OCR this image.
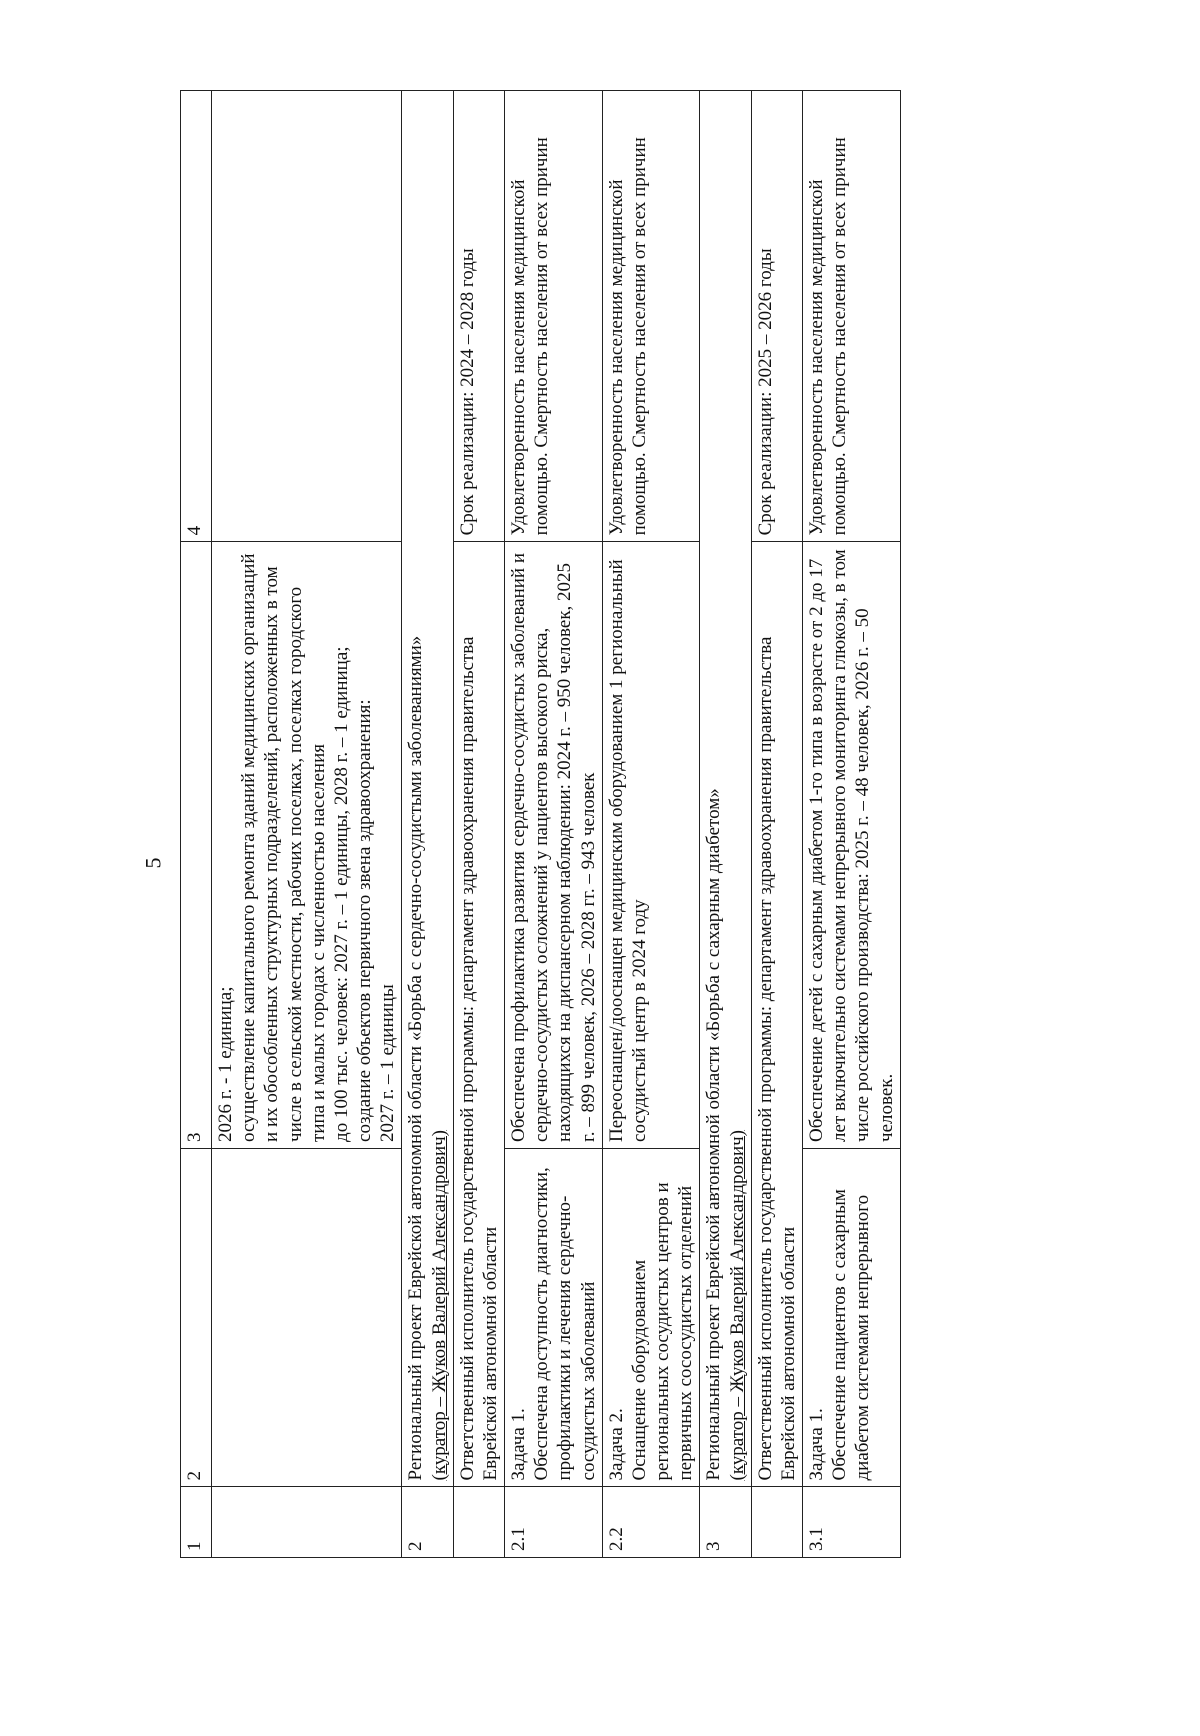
5
1	2	3	4

		2026 г. - 1 единица; осуществление капитального ремонта зданий медицинских организаций и их обособленных структурных подразделений, расположенных в том числе в сельской местности, рабочих поселках, поселках городского типа и малых городах с численностью населения до 100 тыс. человек: 2027 г. – 1 единицы, 2028 г. – 1 единица; создание объектов первичного звена здравоохранения: 2027 г. – 1 единицы	

2	Региональный проект Еврейской автономной области «Борьба с сердечно-сосудистыми заболеваниями» (куратор – Жуков Валерий Александрович)		

	Ответственный исполнитель государственной программы: департамент здравоохранения правительства Еврейской автономной области		Срок реализации: 2024 – 2028 годы
2.1	Задача 1. Обеспечена доступность диагностики, профилактики и лечения сердечно-сосудистых заболеваний	Обеспечена профилактика развития сердечно-сосудистых заболеваний и сердечно-сосудистых осложнений у пациентов высокого риска, находящихся на диспансерном наблюдении: 2024 г. – 950 человек, 2025 г. – 899 человек, 2026 – 2028 гг. – 943 человек	Удовлетворенность населения медицинской помощью. Смертность населения от всех причин
2.2	Задача 2. Оснащение оборудованием региональных сосудистых центров и первичных сососудистых отделений	Переоснащен/дооснащен медицинским оборудованием 1 региональный сосудистый центр в 2024 году	Удовлетворенность населения медицинской помощью. Смертность населения от всех причин
3	Региональный проект Еврейской автономной области «Борьба с сахарным диабетом» (куратор – Жуков Валерий Александрович)		

	Ответственный исполнитель государственной программы: департамент здравоохранения правительства Еврейской автономной области		Срок реализации: 2025 – 2026 годы
3.1	Задача 1. Обеспечение пациентов с сахарным диабетом системами непрерывного	Обеспечение детей с сахарным диабетом 1-го типа в возрасте от 2 до 17 лет включительно системами непрерывного мониторинга глюкозы, в том числе российского производства: 2025 г. – 48 человек, 2026 г. – 50 человек.	Удовлетворенность населения медицинской помощью. Смертность населения от всех причин
